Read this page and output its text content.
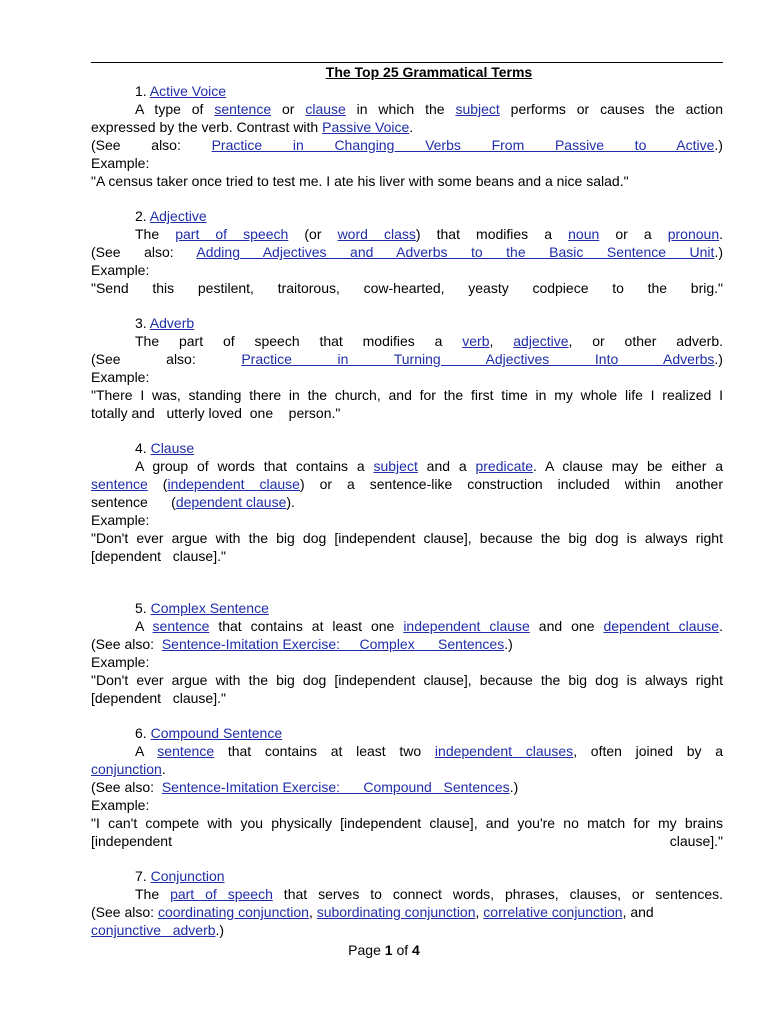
The Top 25 Grammatical Terms
1. Active Voice
A type of sentence or clause in which the subject performs or causes the action
expressed by the verb. Contrast with Passive Voice.
(See also: Practice in Changing Verbs From Passive to Active.)
Example:
"A census taker once tried to test me. I ate his liver with some beans and a nice salad."
2. Adjective
The part of speech (or word class) that modifies a noun or a pronoun.
(See also: Adding Adjectives and Adverbs to the Basic Sentence Unit.)
Example:
"Send this pestilent, traitorous, cow-hearted, yeasty codpiece to the brig."
3. Adverb
The part of speech that modifies a verb, adjective, or other adverb.
(See also: Practice in Turning Adjectives Into Adverbs.)
Example:
"There I was, standing there in the church, and for the first time in my whole life I realized I
totally and   utterly loved  one    person."
4. Clause
A group of words that contains a subject and a predicate. A clause may be either a
sentence (independent clause) or a sentence-like construction included within another
sentence      (dependent clause).
Example:
"Don't ever argue with the big dog [independent clause], because the big dog is always right
[dependent   clause]."
5. Complex Sentence
A sentence that contains at least one independent clause and one dependent clause.
(See also:  Sentence-Imitation Exercise:     Complex      Sentences.)
Example:
"Don't ever argue with the big dog [independent clause], because the big dog is always right
[dependent   clause]."
6. Compound Sentence
A sentence that contains at least two independent clauses, often joined by a
conjunction.
(See also:  Sentence-Imitation Exercise:      Compound   Sentences.)
Example:
"I can't compete with you physically [independent clause], and you're no match for my brains
[independent clause]."
7. Conjunction
The part of speech that serves to connect words, phrases, clauses, or sentences.
(See also: coordinating conjunction, subordinating conjunction, correlative conjunction, and
conjunctive   adverb.)
Page 1 of 4
